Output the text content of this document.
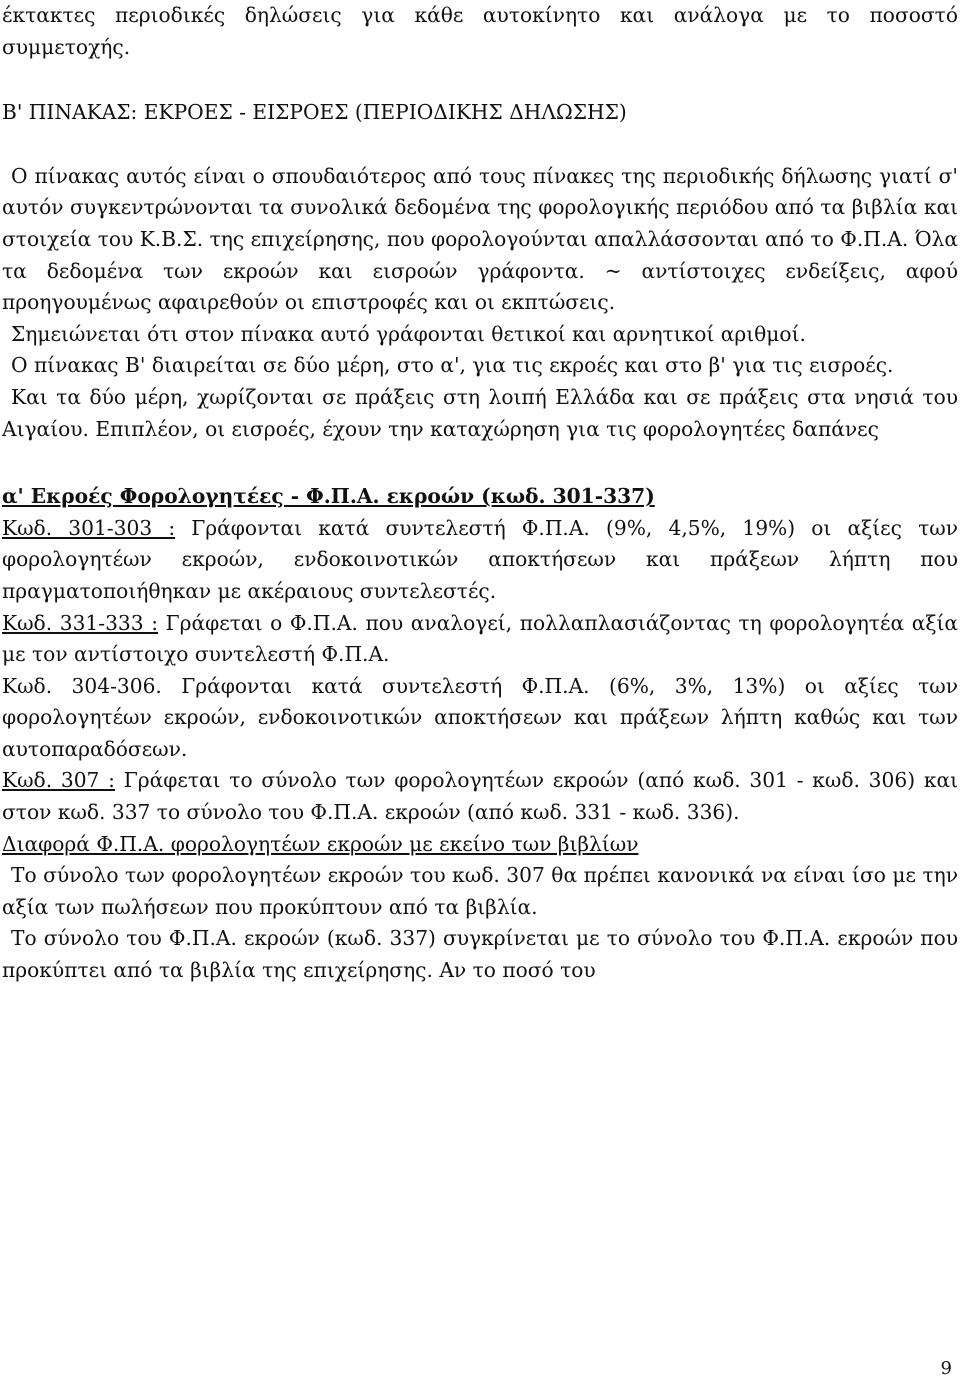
έκτακτες περιοδικές δηλώσεις για κάθε αυτοκίνητο και ανάλογα με το ποσοστό συμμετοχής.

Β' ΠΙΝΑΚΑΣ: ΕΚΡΟΕΣ - ΕΙΣΡΟΕΣ (ΠΕΡΙΟΔΙΚΗΣ ΔΗΛΩΣΗΣ)

Ο πίνακας αυτός είναι ο σπουδαιότερος από τους πίνακες της περιοδικής δήλωσης γιατί σ' αυτόν συγκεντρώνονται τα συνολικά δεδομένα της φορολογικής περιόδου από τα βιβλία και στοιχεία του Κ.Β.Σ. της επιχείρησης, που φορολογούνται απαλλάσσονται από το Φ.Π.Α. Όλα τα δεδομένα των εκροών και εισροών γράφοντα. ~ αντίστοιχες ενδείξεις, αφού προηγουμένως αφαιρεθούν οι επιστροφές και οι εκπτώσεις.

Σημειώνεται ότι στον πίνακα αυτό γράφονται θετικοί και αρνητικοί αριθμοί.

Ο πίνακας Β' διαιρείται σε δύο μέρη, στο α', για τις εκροές και στο β' για τις εισροές.

Και τα δύο μέρη, χωρίζονται σε πράξεις στη λοιπή Ελλάδα και σε πράξεις στα νησιά του Αιγαίου. Επιπλέον, οι εισροές, έχουν την καταχώρηση για τις φορολογητέες δαπάνες

α' Εκροές Φορολογητέες - Φ.Π.Α. εκροών (κωδ. 301-337)

Κωδ. 301-303 : Γράφονται κατά συντελεστή Φ.Π.Α. (9%, 4,5%, 19%) οι αξίες των φορολογητέων εκροών, ενδοκοινοτικών αποκτήσεων και πράξεων λήπτη που πραγματοποιήθηκαν με ακέραιους συντελεστές.

Κωδ. 331-333 : Γράφεται ο Φ.Π.Α. που αναλογεί, πολλαπλασιάζοντας τη φορολογητέα αξία με τον αντίστοιχο συντελεστή Φ.Π.Α.

Κωδ. 304-306. Γράφονται κατά συντελεστή Φ.Π.Α. (6%, 3%, 13%) οι αξίες των φορολογητέων εκροών, ενδοκοινοτικών αποκτήσεων και πράξεων λήπτη καθώς και των αυτοπαραδόσεων.

Κωδ. 307 : Γράφεται το σύνολο των φορολογητέων εκροών (από κωδ. 301 - κωδ. 306) και στον κωδ. 337 το σύνολο του Φ.Π.Α. εκροών (από κωδ. 331 - κωδ. 336).

Διαφορά Φ.Π.Α. φορολογητέων εκροών με εκείνο των βιβλίων

Το σύνολο των φορολογητέων εκροών του κωδ. 307 θα πρέπει κανονικά να είναι ίσο με την αξία των πωλήσεων που προκύπτουν από τα βιβλία.

Το σύνολο του Φ.Π.Α. εκροών (κωδ. 337) συγκρίνεται με το σύνολο του Φ.Π.Α. εκροών που προκύπτει από τα βιβλία της επιχείρησης. Αν το ποσό του

9
